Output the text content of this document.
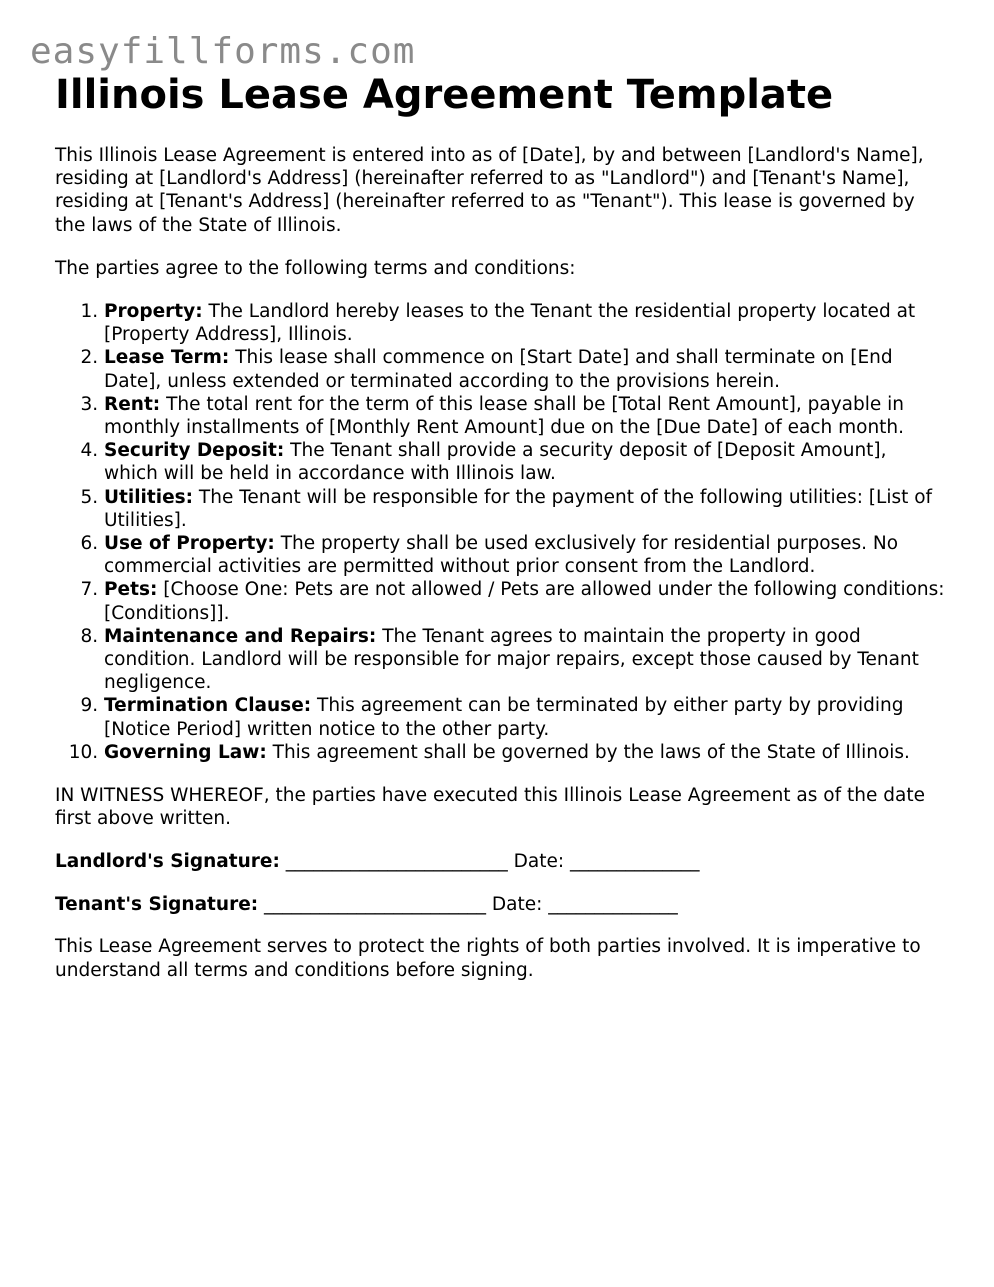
easyfillforms.com
Illinois Lease Agreement Template

This Illinois Lease Agreement is entered into as of [Date], by and between [Landlord's Name], residing at [Landlord's Address] (hereinafter referred to as "Landlord") and [Tenant's Name], residing at [Tenant's Address] (hereinafter referred to as "Tenant"). This lease is governed by the laws of the State of Illinois.

The parties agree to the following terms and conditions:

1. Property: The Landlord hereby leases to the Tenant the residential property located at [Property Address], Illinois.
2. Lease Term: This lease shall commence on [Start Date] and shall terminate on [End Date], unless extended or terminated according to the provisions herein.
3. Rent: The total rent for the term of this lease shall be [Total Rent Amount], payable in monthly installments of [Monthly Rent Amount] due on the [Due Date] of each month.
4. Security Deposit: The Tenant shall provide a security deposit of [Deposit Amount], which will be held in accordance with Illinois law.
5. Utilities: The Tenant will be responsible for the payment of the following utilities: [List of Utilities].
6. Use of Property: The property shall be used exclusively for residential purposes. No commercial activities are permitted without prior consent from the Landlord.
7. Pets: [Choose One: Pets are not allowed / Pets are allowed under the following conditions: [Conditions]].
8. Maintenance and Repairs: The Tenant agrees to maintain the property in good condition. Landlord will be responsible for major repairs, except those caused by Tenant negligence.
9. Termination Clause: This agreement can be terminated by either party by providing [Notice Period] written notice to the other party.
10. Governing Law: This agreement shall be governed by the laws of the State of Illinois.

IN WITNESS WHEREOF, the parties have executed this Illinois Lease Agreement as of the date first above written.

Landlord's Signature: ________________________ Date: ______________
Tenant's Signature: ________________________ Date: ______________

This Lease Agreement serves to protect the rights of both parties involved. It is imperative to understand all terms and conditions before signing.
